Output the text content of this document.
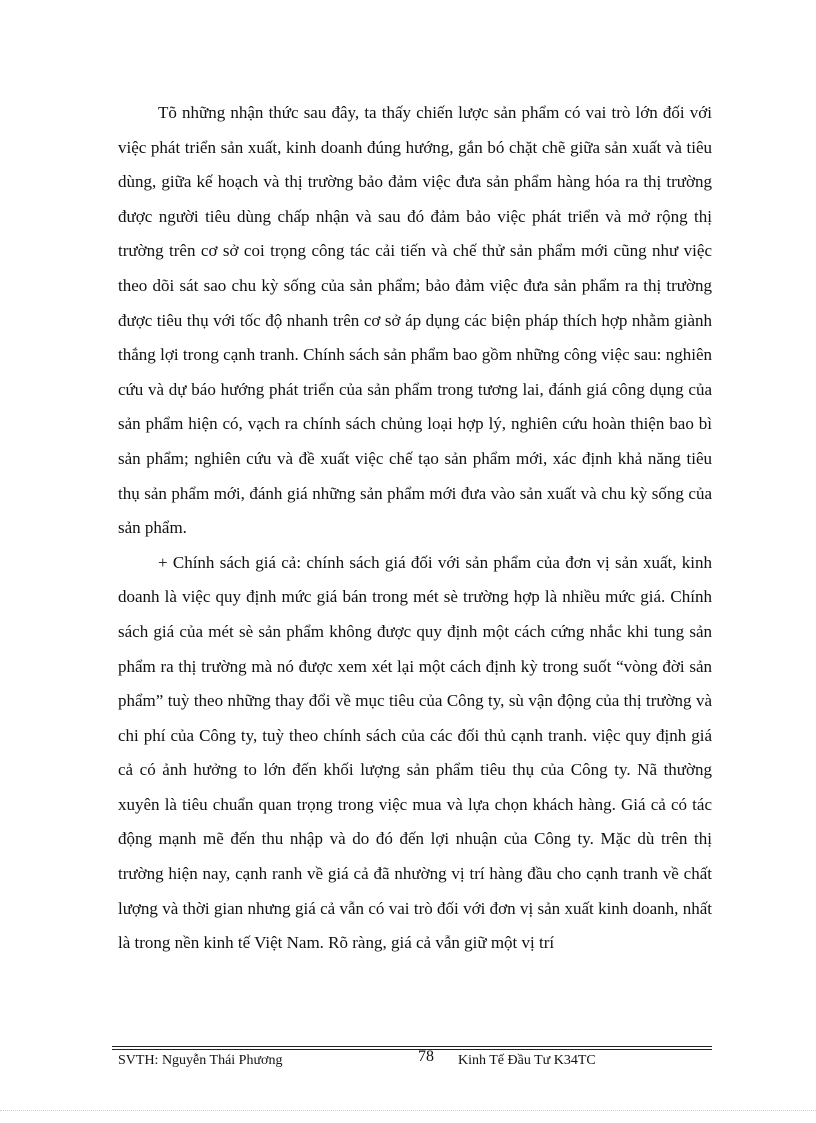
Tõ những nhận thức sau đây, ta thấy chiến lược sản phẩm có vai trò lớn đối với việc phát triển sản xuất, kinh doanh đúng hướng, gắn bó chặt chẽ giữa sản xuất và tiêu dùng, giữa kế hoạch và thị trường bảo đảm việc đưa sản phẩm hàng hóa ra thị trường được người tiêu dùng chấp nhận và sau đó đảm bảo việc phát triển và mở rộng thị trường trên cơ sở coi trọng công tác cải tiến và chế thử sản phẩm mới cũng như việc theo dõi sát sao chu kỳ sống của sản phẩm; bảo đảm việc đưa sản phẩm ra thị trường được tiêu thụ với tốc độ nhanh trên cơ sở áp dụng các biện pháp thích hợp nhằm giành thắng lợi trong cạnh tranh. Chính sách sản phẩm bao gồm những công việc sau: nghiên cứu và dự báo hướng phát triển của sản phẩm trong tương lai, đánh giá công dụng của sản phẩm hiện có, vạch ra chính sách chủng loại hợp lý, nghiên cứu hoàn thiện bao bì sản phẩm; nghiên cứu và đề xuất việc chế tạo sản phẩm mới, xác định khả năng tiêu thụ sản phẩm mới, đánh giá những sản phẩm mới đưa vào sản xuất và chu kỳ sống của sản phẩm.

+ Chính sách giá cả: chính sách giá đối với sản phẩm của đơn vị sản xuất, kinh doanh là việc quy định mức giá bán trong mét sè trường hợp là nhiều mức giá. Chính sách giá của mét sè sản phẩm không được quy định một cách cứng nhắc khi tung sản phẩm ra thị trường mà nó được xem xét lại một cách định kỳ trong suốt “vòng đời sản phẩm” tuỳ theo những thay đổi về mục tiêu của Công ty, sù vận động của thị trường và chi phí của Công ty, tuỳ theo chính sách của các đối thủ cạnh tranh. việc quy định giá cả có ảnh hưởng to lớn đến khối lượng sản phẩm tiêu thụ của Công ty. Nã thường xuyên là tiêu chuẩn quan trọng trong việc mua và lựa chọn khách hàng. Giá cả có tác động mạnh mẽ đến thu nhập và do đó đến lợi nhuận của Công ty. Mặc dù trên thị trường hiện nay, cạnh ranh về giá cả đã nhường vị trí hàng đầu cho cạnh tranh về chất lượng và thời gian nhưng giá cả vẫn có vai trò đối với đơn vị sản xuất kinh doanh, nhất là trong nền kinh tế Việt Nam. Rõ ràng, giá cả vẫn giữ một vị trí

SVTH: Nguyễn Thái Phương	78 Kinh Tế Đầu Tư K34TC
